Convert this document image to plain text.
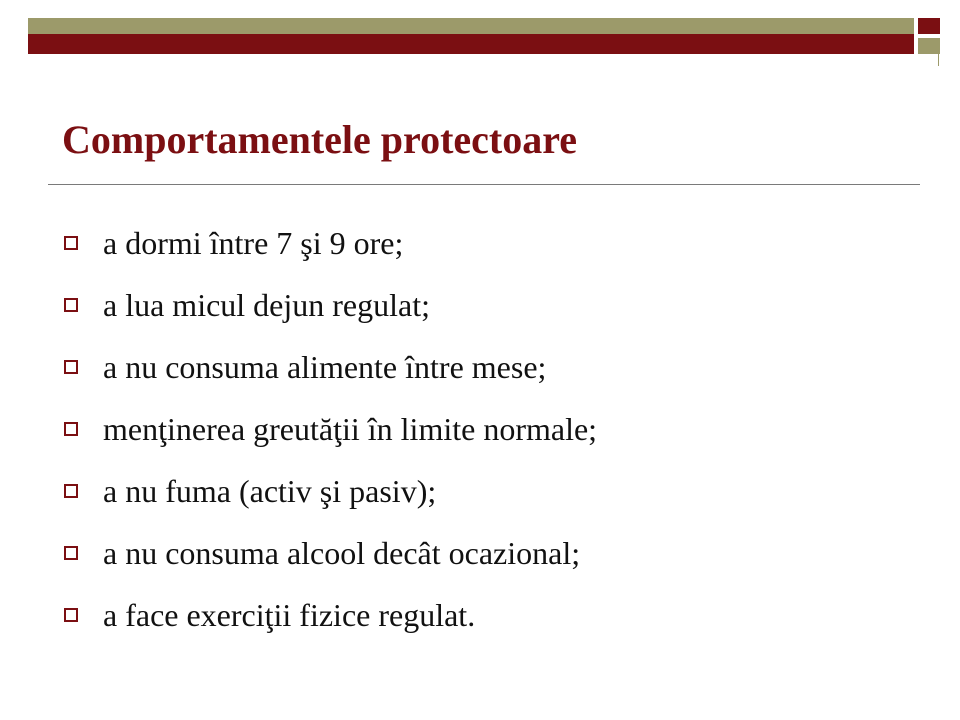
Comportamentele protectoare
a dormi între 7 şi 9 ore;
a lua micul dejun regulat;
a nu consuma alimente între mese;
menţinerea greutăţii în limite normale;
a nu fuma (activ şi pasiv);
a nu consuma alcool decât ocazional;
a face exerciţii fizice regulat.
